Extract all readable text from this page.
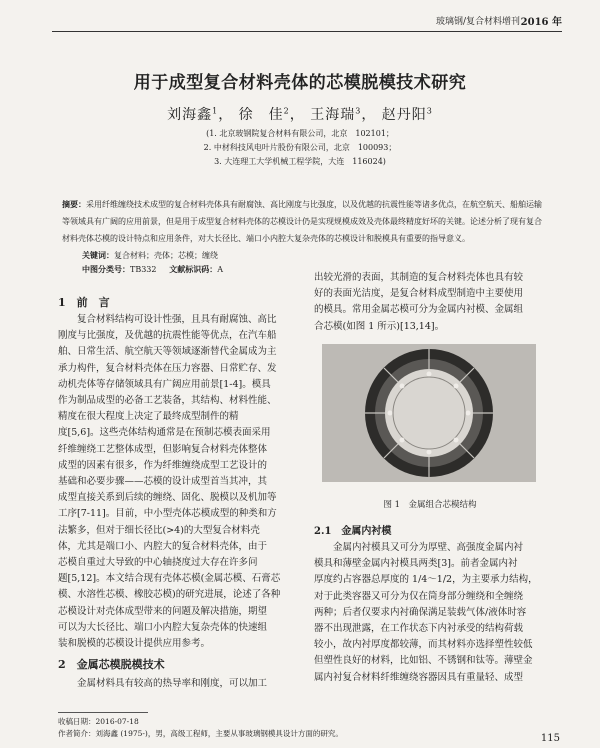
玻璃钢/复合材料增刊 2016 年
用于成型复合材料壳体的芯模脱模技术研究
刘海鑫$^1$， 徐　佳$^2$， 王海瑞$^3$， 赵丹阳$^3$
(1. 北京玻钢院复合材料有限公司，北京　102101；
2. 中材科技风电叶片股份有限公司，北京　100093；
3. 大连理工大学机械工程学院，大连　116024)
摘要：采用纤维缠绕技术成型的复合材料壳体具有耐腐蚀、高比刚度与比强度，以及优越的抗震性能等诸多优点，在航空航天、船舶运输等领域具有广阔的应用前景，但是用于成型复合材料壳体的芯模设计仍是实现规模成效及壳体最终精度好坏的关键。论述分析了现有复合材料壳体芯模的设计特点和应用条件，对大长径比、端口小内腔大复杂壳体的芯模设计和脱模具有重要的指导意义。
关键词：复合材料；壳体；芯模；缠绕
中图分类号：TB332 文献标识码：A
1　前　言
　　复合材料结构可设计性强，且具有耐腐蚀、高比
刚度与比强度，及优越的抗震性能等优点，在汽车船
舶、日常生活、航空航天等领域逐渐替代金属成为主
承力构件，复合材料壳体在压力容器、日常贮存、发
动机壳体等存储领域具有广阔应用前景[1-4]。模具
作为制品成型的必备工艺装备，其结构、材料性能、
精度在很大程度上决定了最终成型制件的精
度[5,6]。这些壳体结构通常是在预制芯模表面采用
纤维缠绕工艺整体成型，但影响复合材料壳体整体
成型的因素有很多，作为纤维缠绕成型工艺设计的
基础和必要步骤——芯模的设计成型首当其冲，其
成型直接关系到后续的缠绕、固化、脱模以及机加等
工序[7-11]。目前，中小型壳体芯模成型的种类和方
法繁多，但对于细长径比(>4)的大型复合材料壳
体，尤其是端口小、内腔大的复合材料壳体，由于
芯模自重过大导致的中心轴挠度过大存在许多问
题[5,12]。本文结合现有壳体芯模(金属芯模、石膏芯
模、水溶性芯模、橡胶芯模)的研究进展，论述了各种
芯模设计对壳体成型带来的问题及解决措施，期望
可以为大长径比、端口小内腔大复杂壳体的快速组
装和脱模的芯模设计提供应用参考。
2　金属芯模脱模技术
　　金属材料具有较高的热导率和刚度，可以加工
出较光滑的表面，其制造的复合材料壳体也具有较
好的表面光洁度，是复合材料成型制造中主要使用
的模具。常用金属芯模可分为金属内衬模、金属组
合芯模(如图 1 所示)[13,14]。
图 1　金属组合芯模结构
2.1　金属内衬模
　　金属内衬模具又可分为厚壁、高强度金属内衬
模具和薄壁金属内衬模具两类[3]。前者金属内衬
厚度约占容器总厚度的 1/4～1/2，为主要承力结构，
对于此类容器又可分为仅在筒身部分缠绕和全缠绕
两种；后者仅要求内衬确保满足装载气体/液体时容
器不出现泄露，在工作状态下内衬承受的结构荷载
较小，故内衬厚度都较薄，而其材料亦选择塑性较低
但塑性良好的材料，比如铝、不锈钢和钛等。薄壁金
属内衬复合材料纤维缠绕容器因具有重量轻、成型
收稿日期：2016-07-18
作者简介：刘海鑫 (1975-)，男，高级工程师，主要从事玻璃钢模具设计方面的研究。	115
